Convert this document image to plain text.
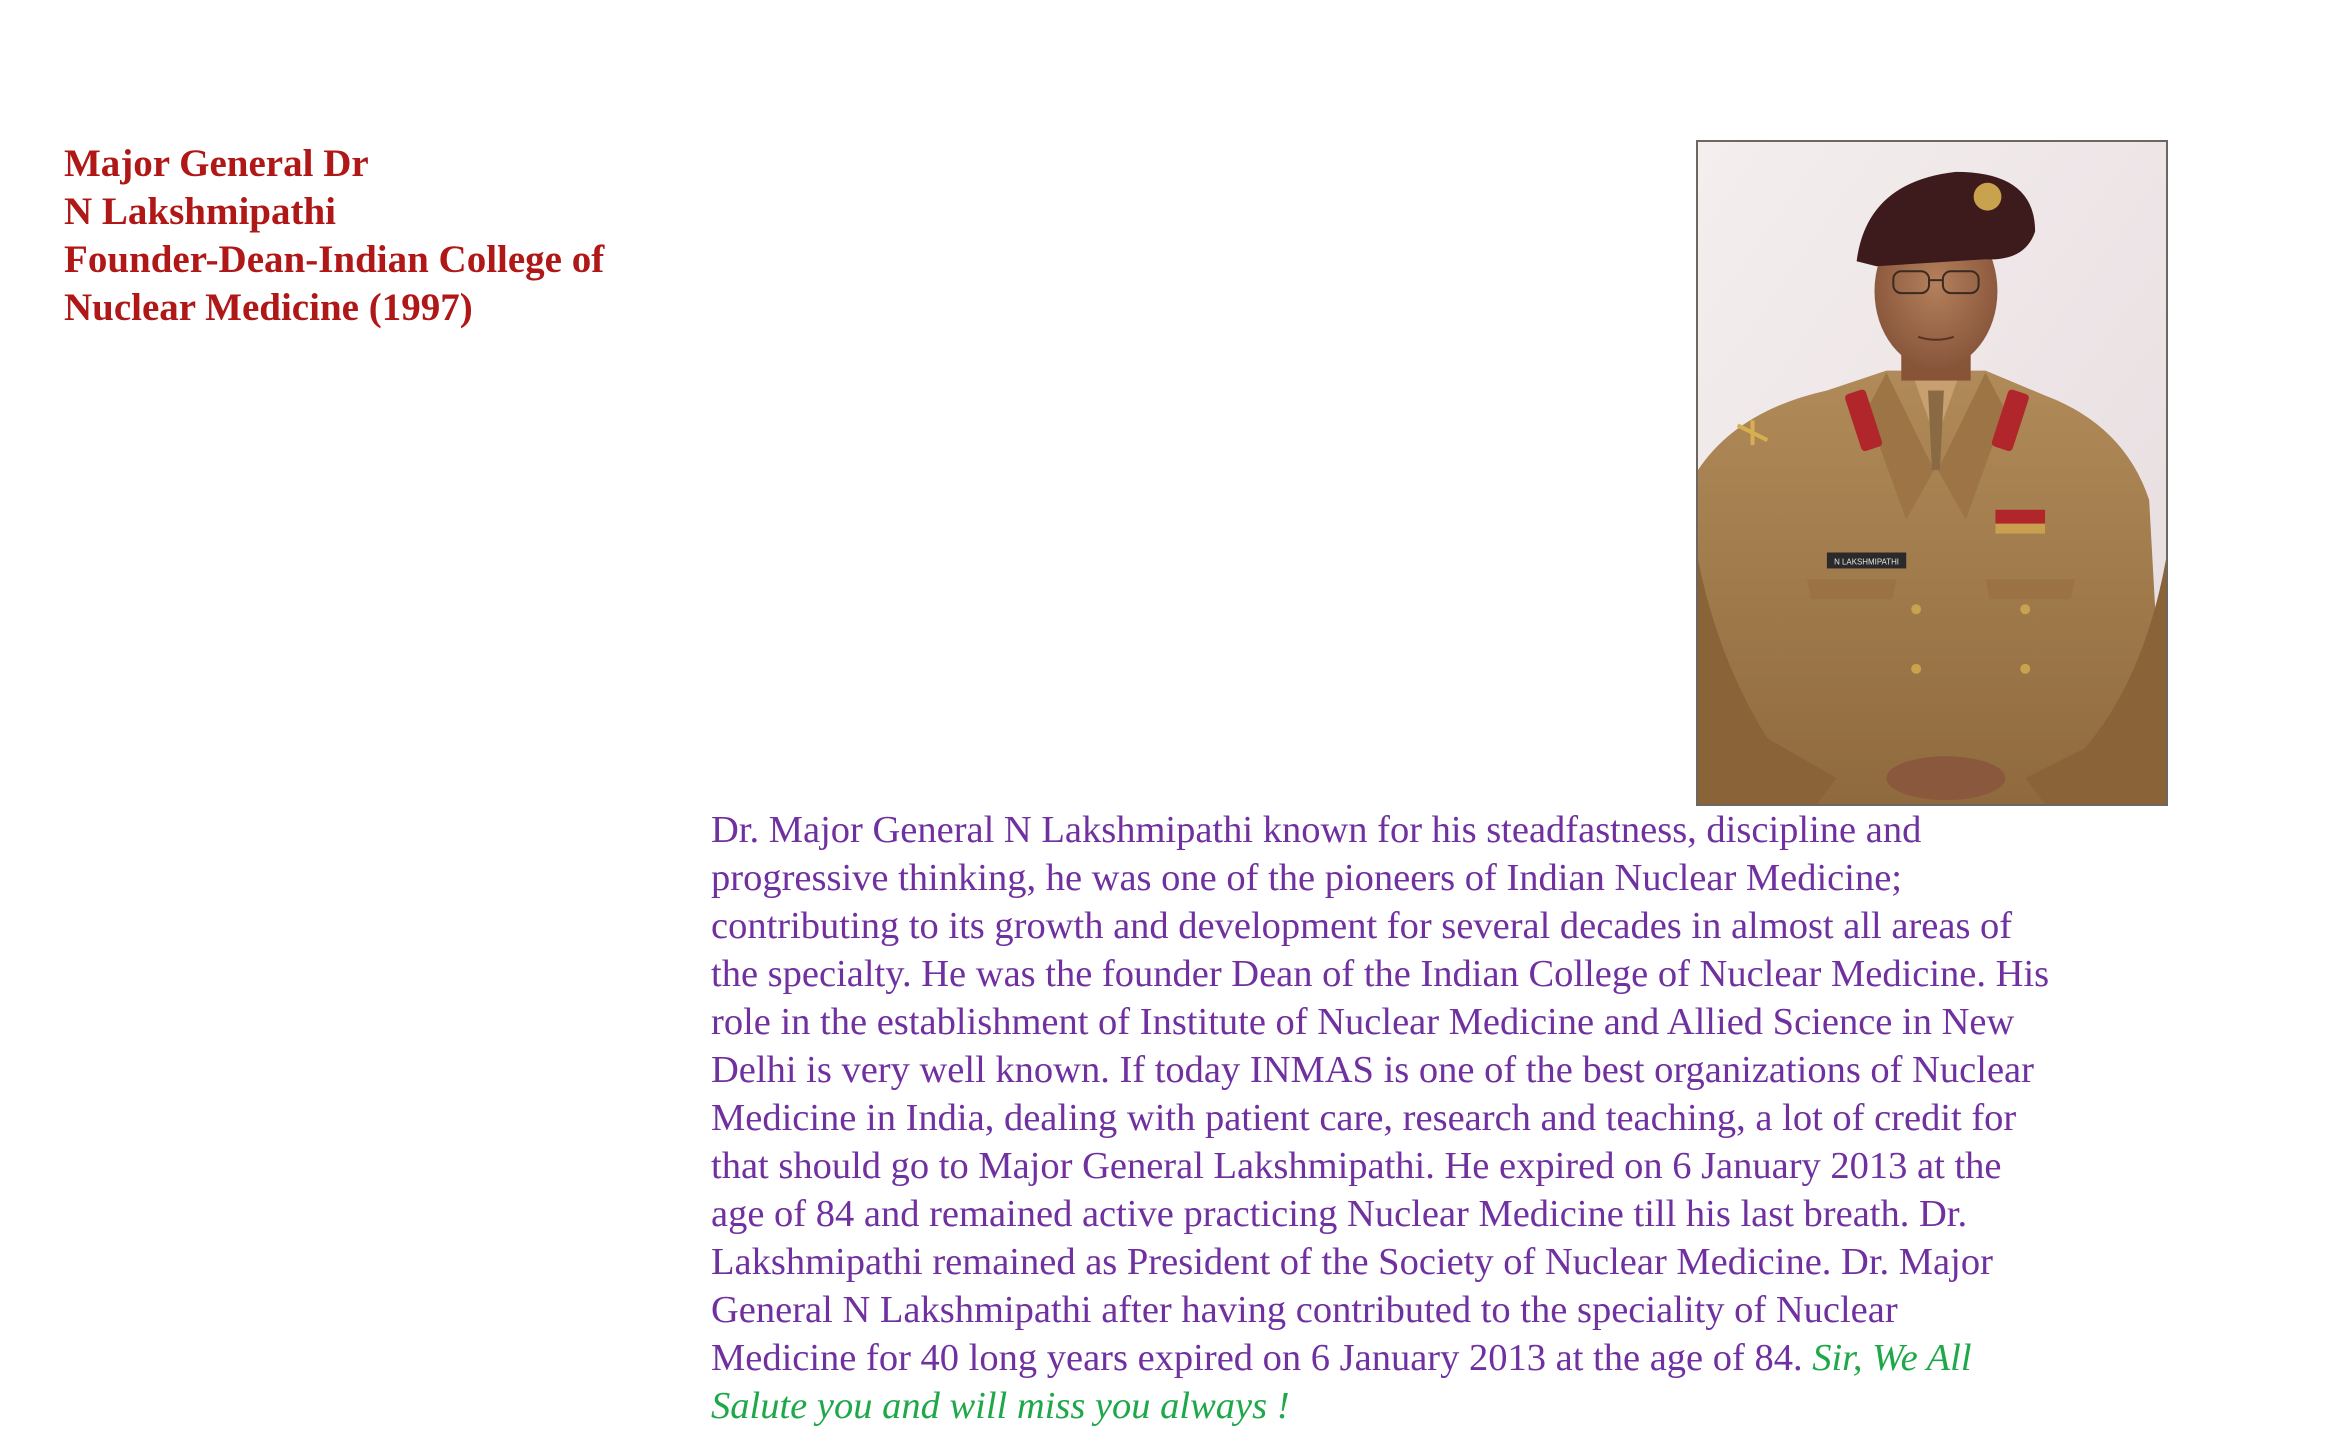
Major General Dr
N Lakshmipathi
Founder-Dean-Indian College of
Nuclear Medicine (1997)
N LAKSHMIPATHI
Dr. Major General N Lakshmipathi known for his steadfastness, discipline and
progressive thinking, he was one of the pioneers of Indian Nuclear Medicine;
contributing to its growth and development for several decades in almost all areas of
the specialty. He was the founder Dean of the Indian College of Nuclear Medicine. His
role in the establishment of Institute of Nuclear Medicine and Allied Science in New
Delhi is very well known. If today INMAS is one of the best organizations of Nuclear
Medicine in India, dealing with patient care, research and teaching, a lot of credit for
that should go to Major General Lakshmipathi. He expired on 6 January 2013 at the
age of 84 and remained active practicing Nuclear Medicine till his last breath. Dr.
Lakshmipathi remained as President of the Society of Nuclear Medicine. Dr. Major
General N Lakshmipathi after having contributed to the speciality of Nuclear
Medicine for 40 long years expired on 6 January 2013 at the age of 84. Sir, We All
Salute you and will miss you always !
